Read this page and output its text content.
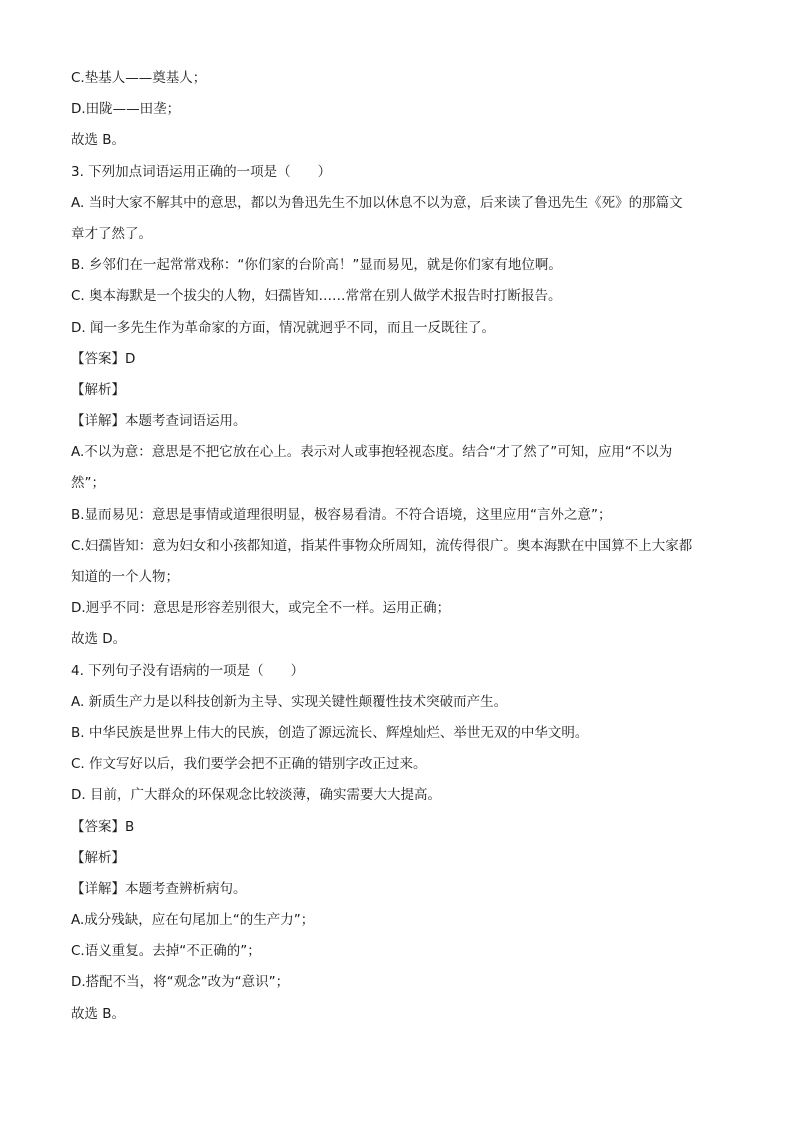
C.垫基人——奠基人；
D.田陇——田垄；
故选 B。
3. 下列加点词语运用正确的一项是（　　）
A. 当时大家不解其中的意思，都以为鲁迅先生不加以休息不以为意，后来读了鲁迅先生《死》的那篇文
章才了然了。
B. 乡邻们在一起常常戏称：“你们家的台阶高！”显而易见，就是你们家有地位啊。
C. 奥本海默是一个拔尖的人物，妇孺皆知……常常在别人做学术报告时打断报告。
D. 闻一多先生作为革命家的方面，情况就迥乎不同，而且一反既往了。
【答案】D
【解析】
【详解】本题考查词语运用。
A.不以为意：意思是不把它放在心上。表示对人或事抱轻视态度。结合“才了然了”可知，应用“不以为
然”；
B.显而易见：意思是事情或道理很明显，极容易看清。不符合语境，这里应用“言外之意”；
C.妇孺皆知：意为妇女和小孩都知道，指某件事物众所周知，流传得很广。奥本海默在中国算不上大家都
知道的一个人物；
D.迥乎不同：意思是形容差别很大，或完全不一样。运用正确；
故选 D。
4. 下列句子没有语病的一项是（　　）
A. 新质生产力是以科技创新为主导、实现关键性颠覆性技术突破而产生。
B. 中华民族是世界上伟大的民族，创造了源远流长、辉煌灿烂、举世无双的中华文明。
C. 作文写好以后，我们要学会把不正确的错别字改正过来。
D. 目前，广大群众的环保观念比较淡薄，确实需要大大提高。
【答案】B
【解析】
【详解】本题考查辨析病句。
A.成分残缺，应在句尾加上“的生产力”；
C.语义重复。去掉“不正确的”；
D.搭配不当，将“观念”改为“意识”；
故选 B。
